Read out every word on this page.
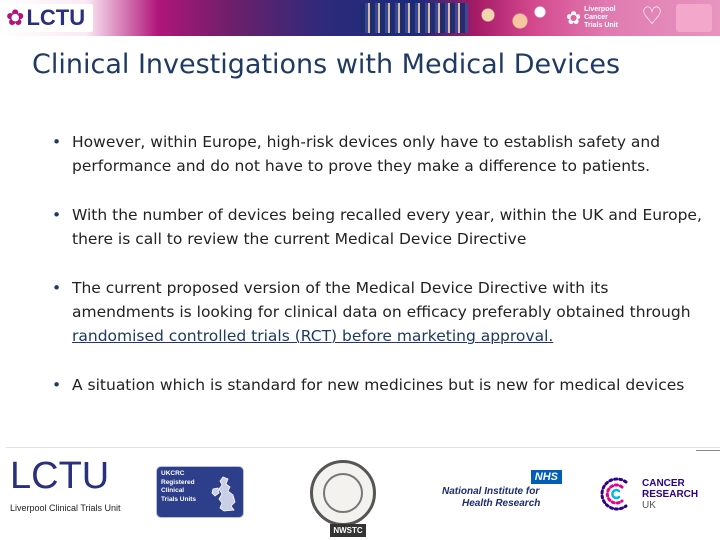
✿ LCTU	✿ Liverpool Cancer
Trials Unit ♡
Clinical Investigations with Medical Devices
• However, within Europe, high-risk devices only have to establish safety and performance and do not have to prove they make a difference to patients.
• With the number of devices being recalled every year, within the UK and Europe, there is call to review the current Medical Device Directive
• The current proposed version of the Medical Device Directive with its amendments is looking for clinical data on efficacy preferably obtained through randomised controlled trials (RCT) before marketing approval.
• A situation which is standard for new medicines but is new for medical devices
LCTU
Liverpool Clinical Trials Unit
UKCRC
Registered
Clinical
Trials Units
NWSTC
NHS
National Institute for
Health Research
CANCER
RESEARCH
UK
